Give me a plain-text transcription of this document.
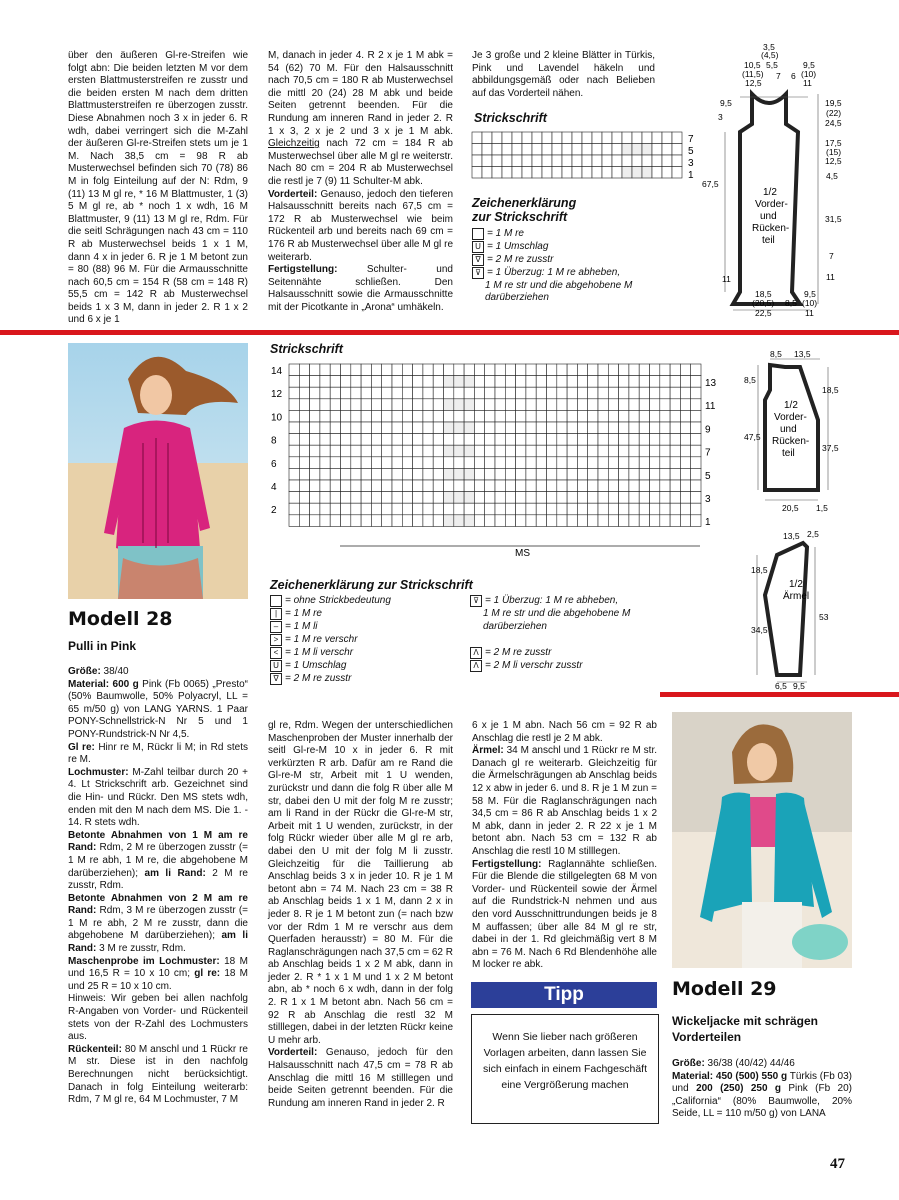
über den äußeren Gl-re-Streifen wie folgt abn: Die beiden letzten M vor dem ersten Blattmusterstreifen re zusstr und die beiden ersten M nach dem dritten Blattmusterstreifen re überzogen zusstr. Diese Abnahmen noch 3 x in jeder 6. R wdh, dabei verringert sich die M-Zahl der äußeren Gl-re-Streifen stets um je 1 M. Nach 38,5 cm = 98 R ab Musterwechsel befinden sich 70 (78) 86 M in folg Einteilung auf der N: Rdm, 9 (11) 13 M gl re, * 16 M Blattmuster, 1 (3) 5 M gl re, ab * noch 1 x wdh, 16 M Blattmuster, 9 (11) 13 M gl re, Rdm. Für die seitl Schrägungen nach 43 cm = 110 R ab Musterwechsel beids 1 x 1 M, dann 4 x in jeder 6. R je 1 M betont zun = 80 (88) 96 M. Für die Armausschnitte nach 60,5 cm = 154 R (58 cm = 148 R) 55,5 cm = 142 R ab Musterwechsel beids 1 x 3 M, dann in jeder 2. R 1 x 2 und 6 x je 1

M, danach in jeder 4. R 2 x je 1 M abk = 54 (62) 70 M. Für den Halsausschnitt nach 70,5 cm = 180 R ab Musterwechsel die mittl 20 (24) 28 M abk und beide Seiten getrennt beenden. Für die Rundung am inneren Rand in jeder 2. R 1 x 3, 2 x je 2 und 3 x je 1 M abk. Gleichzeitig nach 72 cm = 184 R ab Musterwechsel über alle M gl re weiterstr. Nach 80 cm = 204 R ab Musterwechsel die restl je 7 (9) 11 Schulter-M abk.

Vorderteil: Genauso, jedoch den tieferen Halsausschnitt bereits nach 67,5 cm = 172 R ab Musterwechsel wie beim Rückenteil arb und bereits nach 69 cm = 176 R ab Musterwechsel über alle M gl re weiterarb.

Fertigstellung: Schulter- und Seitennähte schließen. Den Halsausschnitt sowie die Armausschnitte mit der Picotkante in „Arona“ umhäkeln.

Je 3 große und 2 kleine Blätter in Türkis, Pink und Lavendel häkeln und abbildungsgemäß oder nach Belieben auf das Vorderteil nähen.

Strickschrift
7
5
3
1
Zeichenerklärung
zur Strickschrift
= 1 M re
U = 1 Umschlag
∇ = 2 M re zusstr
⊽ = 1 Überzug: 1 M re abheben,
1 M re str und die abgehobene M darüberziehen
3,5
(4,5)
5,5
10,5
(11,5)
12,5
9,5
(10)
11
7 6
9,5
3
67,5
11
19,5
(22)
24,5
17,5
(15)
12,5
4,5
31,5
7
11
1/2
Vorder-
und
Rücken-
teil
18,5
(20,5)
22,5
8,5
9,5
(10)
11
Strickschrift
14
12
10
8
6
4
2
13
11
9
7
5
3
1
MS
Zeichenerklärung zur Strickschrift
= ohne Strickbedeutung
| = 1 M re
– = 1 M li
> = 1 M re verschr
< = 1 M li verschr
U = 1 Umschlag
∇ = 2 M re zusstr
⊽ = 1 Überzug: 1 M re abheben,
1 M re str und die abgehobene M
darüberziehen
Λ = 2 M re zusstr
Λ = 2 M li verschr zusstr
8,5 13,5
8,5
47,5
18,5
37,5
1/2
Vorder-
und
Rücken-
teil
20,5 1,5
13,5 2,5
18,5
34,5
53
1/2
Ärmel
6,5 9,5
Modell 28
Pulli in Pink

Größe: 38/40

Material: 600 g Pink (Fb 0065) „Presto“ (50% Baumwolle, 50% Polyacryl, LL = 65 m/50 g) von LANG YARNS. 1 Paar PONY-Schnellstrick-N Nr 5 und 1 PONY-Rundstrick-N Nr 4,5.

Gl re: Hinr re M, Rückr li M; in Rd stets re M.

Lochmuster: M-Zahl teilbar durch 20 + 4. Lt Strickschrift arb. Gezeichnet sind die Hin- und Rückr. Den MS stets wdh, enden mit den M nach dem MS. Die 1. - 14. R stets wdh.

Betonte Abnahmen von 1 M am re Rand: Rdm, 2 M re überzogen zusstr (= 1 M re abh, 1 M re, die abgehobene M darüberziehen); am li Rand: 2 M re zusstr, Rdm.

Betonte Abnahmen von 2 M am re Rand: Rdm, 3 M re überzogen zusstr (= 1 M re abh, 2 M re zusstr, dann die abgehobene M darüberziehen); am li Rand: 3 M re zusstr, Rdm.

Maschenprobe im Lochmuster: 18 M und 16,5 R = 10 x 10 cm; gl re: 18 M und 25 R = 10 x 10 cm.

Hinweis: Wir geben bei allen nachfolg R-Angaben von Vorder- und Rückenteil stets von der R-Zahl des Lochmusters aus.

Rückenteil: 80 M anschl und 1 Rückr re M str. Diese ist in den nachfolg Berechnungen nicht berücksichtigt. Danach in folg Einteilung weiterarb: Rdm, 7 M gl re, 64 M Lochmuster, 7 M

gl re, Rdm. Wegen der unterschiedlichen Maschenproben der Muster innerhalb der seitl Gl-re-M 10 x in jeder 6. R mit verkürzten R arb. Dafür am re Rand die Gl-re-M str, Arbeit mit 1 U wenden, zurückstr und dann die folg R über alle M str, dabei den U mit der folg M re zusstr; am li Rand in der Rückr die Gl-re-M str, Arbeit mit 1 U wenden, zurückstr, in der folg Rückr wieder über alle M gl re arb, dabei den U mit der folg M li zusstr. Gleichzeitig für die Taillierung ab Anschlag beids 3 x in jeder 10. R je 1 M betont abn = 74 M. Nach 23 cm = 38 R ab Anschlag beids 1 x 1 M, dann 2 x in jeder 8. R je 1 M betont zun (= nach bzw vor der Rdm 1 M re verschr aus dem Querfaden herausstr) = 80 M. Für die Raglanschrägungen nach 37,5 cm = 62 R ab Anschlag beids 1 x 2 M abk, dann in jeder 2. R * 1 x 1 M und 1 x 2 M betont abn, ab * noch 6 x wdh, dann in der folg 2. R 1 x 1 M betont abn. Nach 56 cm = 92 R ab Anschlag die restl 32 M stilllegen, dabei in der letzten Rückr keine U mehr arb.

Vorderteil: Genauso, jedoch für den Halsausschnitt nach 47,5 cm = 78 R ab Anschlag die mittl 16 M stilllegen und beide Seiten getrennt beenden. Für die Rundung am inneren Rand in jeder 2. R

6 x je 1 M abn. Nach 56 cm = 92 R ab Anschlag die restl je 2 M abk.

Ärmel: 34 M anschl und 1 Rückr re M str. Danach gl re weiterarb. Gleichzeitig für die Ärmelschrägungen ab Anschlag beids 12 x abw in jeder 6. und 8. R je 1 M zun = 58 M. Für die Raglanschrägungen nach 34,5 cm = 86 R ab Anschlag beids 1 x 2 M abk, dann in jeder 2. R 22 x je 1 M betont abn. Nach 53 cm = 132 R ab Anschlag die restl 10 M stilllegen.

Fertigstellung: Raglannähte schließen. Für die Blende die stillgelegten 68 M von Vorder- und Rückenteil sowie der Ärmel auf die Rundstrick-N nehmen und aus den vord Ausschnittrundungen beids je 8 M auffassen; über alle 84 M gl re str, dabei in der 1. Rd gleichmäßig vert 8 M abn = 76 M. Nach 6 Rd Blendenhöhe alle M locker re abk.

Tipp
Wenn Sie lieber nach größeren Vorlagen arbeiten, dann lassen Sie sich einfach in einem Fachgeschäft eine Vergrößerung machen
Modell 29
Wickeljacke mit schrägen Vorderteilen

Größe: 36/38 (40/42) 44/46

Material: 450 (500) 550 g Türkis (Fb 03) und 200 (250) 250 g Pink (Fb 20) „California“ (80% Baumwolle, 20% Seide, LL = 110 m/50 g) von LANA

47
